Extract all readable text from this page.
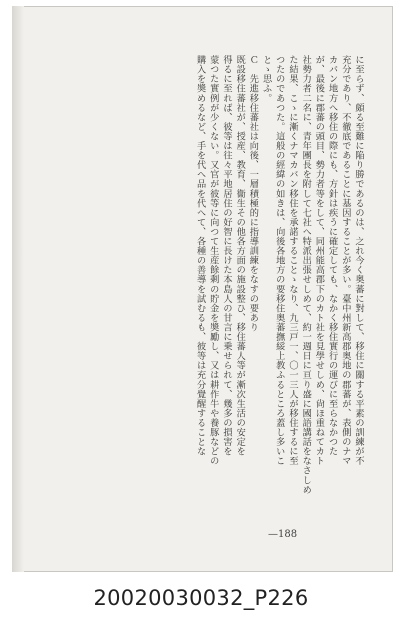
に至らず、頗る至難に陥り勝であるのは、之れ今く奥蕃に對して、移住に關する平素の訓練が不
充分であり、不徹底であることに基因することが多い。臺中州新高郡奥地の郡蕃が、表側のナマ
カバン地方へ移住の際にも、方針は疾うに確定しても、なかく移住實行の運びに至らなかつた
が、最後に郡蕃の頭目、勢力者等をして、同州能高郡下のカト社を見學せしめ、尙ほ重ねてカト
社勢力者二名に、青年團長を附して七社へ特派出張せしめて、約一週日に亘り盛に國語講話をなさしめ
た結果、こゝに漸くナマカバン移住を承諾することゝなり、九三戸一、〇一三人が移住するに至
つたのであつた。這般の經緯の如きは、向後各地方の要移住奥蕃撫綏上教ふるところ蓋し多いこ
とゝ思ふ。
Ｃ　先進移住蕃社は向後、一層積極的に指導訓練をなすの要あり
既設移住蕃社が、授産、教育、衞生その他各方面の施設整ひ、移住蕃人等が漸次生活の安定を
得るに至れば、彼等は往々平地居住の好智に長けた本島人の甘言に乗せられて、幾多の損害を
蒙つた實例が少くない。又官が彼等に向つて生産餘剩の貯金を奬勵し、又は耕作牛や養豚などの
購入を奬めるなど、手を代へ品を代へて、各種の善導を試むるも、彼等は充分覺醒することな
—188
20020030032_P226
